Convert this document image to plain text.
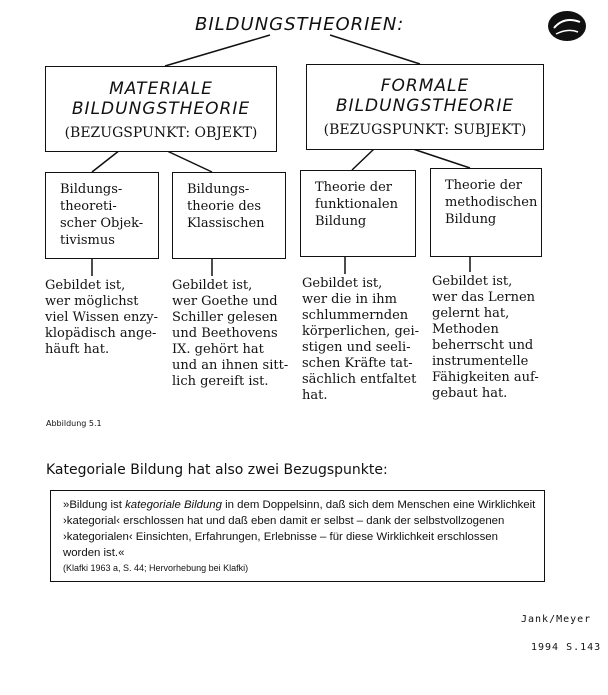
BILDUNGSTHEORIEN:
MATERIALE
BILDUNGSTHEORIE
(BEZUGSPUNKT: OBJEKT)
FORMALE
BILDUNGSTHEORIE
(BEZUGSPUNKT: SUBJEKT)
Bildungs-
theoreti-
scher Objek-
tivismus
Bildungs-
theorie des
Klassischen
Theorie der
funktionalen
Bildung
Theorie der
methodischen
Bildung
Gebildet ist,
wer möglichst
viel Wissen enzy-
klopädisch ange-
häuft hat.
Gebildet ist,
wer Goethe und
Schiller gelesen
und Beethovens
IX. gehört hat
und an ihnen sitt-
lich gereift ist.
Gebildet ist,
wer die in ihm
schlummernden
körperlichen, gei-
stigen und seeli-
schen Kräfte tat-
sächlich entfaltet
hat.
Gebildet ist,
wer das Lernen
gelernt hat,
Methoden
beherrscht und
instrumentelle
Fähigkeiten auf-
gebaut hat.
Abbildung 5.1
Kategoriale Bildung hat also zwei Bezugspunkte:
»Bildung ist kategoriale Bildung in dem Doppelsinn, daß sich dem Menschen eine Wirklichkeit ›kategorial‹ erschlossen hat und daß eben damit er selbst – dank der selbstvollzogenen ›kategorialen‹ Einsichten, Erfahrungen, Erlebnisse – für diese Wirklichkeit erschlossen worden ist.«
(Klafki 1963 a, S. 44; Hervorhebung bei Klafki)
Jank/Meyer
1994 S.143
